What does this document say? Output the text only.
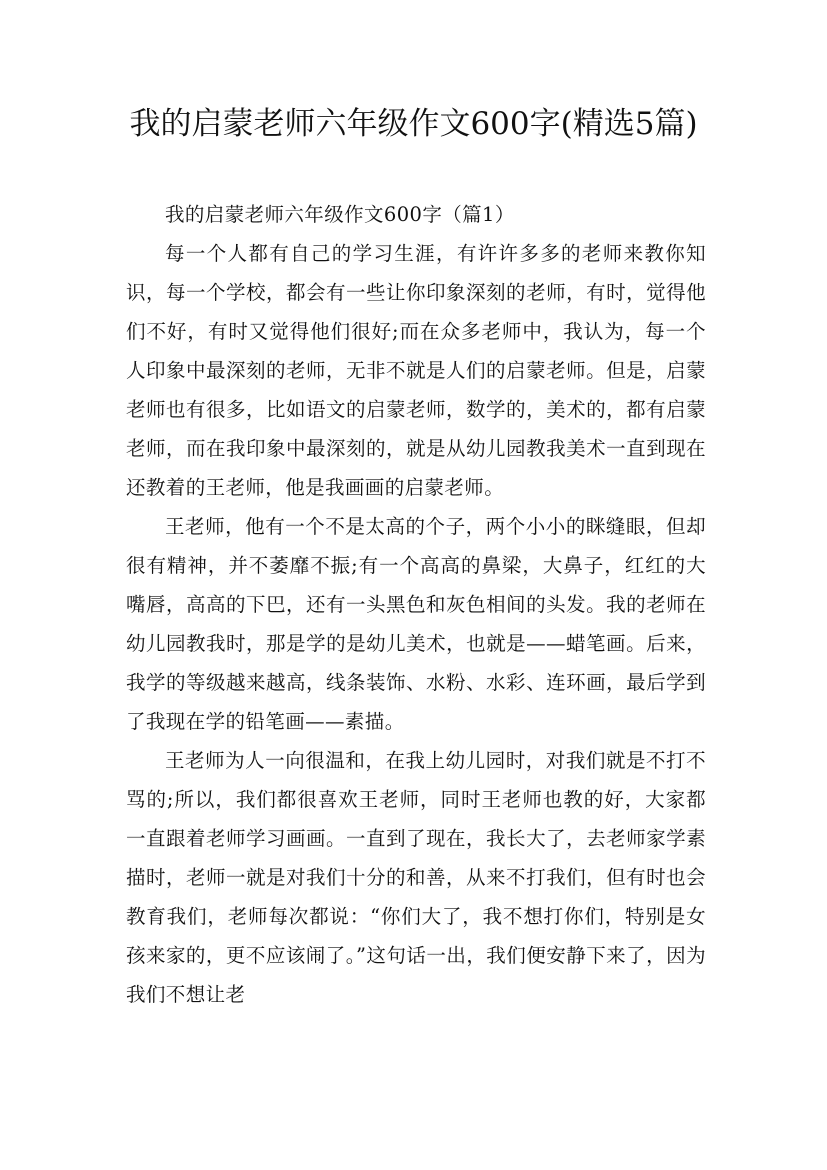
我的启蒙老师六年级作文600字(精选5篇)

我的启蒙老师六年级作文600字（篇1）

每一个人都有自己的学习生涯，有许许多多的老师来教你知识，每一个学校，都会有一些让你印象深刻的老师，有时，觉得他们不好，有时又觉得他们很好;而在众多老师中，我认为，每一个人印象中最深刻的老师，无非不就是人们的启蒙老师。但是，启蒙老师也有很多，比如语文的启蒙老师，数学的，美术的，都有启蒙老师，而在我印象中最深刻的，就是从幼儿园教我美术一直到现在还教着的王老师，他是我画画的启蒙老师。

王老师，他有一个不是太高的个子，两个小小的眯缝眼，但却很有精神，并不萎靡不振;有一个高高的鼻梁，大鼻子，红红的大嘴唇，高高的下巴，还有一头黑色和灰色相间的头发。我的老师在幼儿园教我时，那是学的是幼儿美术，也就是——蜡笔画。后来，我学的等级越来越高，线条装饰、水粉、水彩、连环画，最后学到了我现在学的铅笔画——素描。

王老师为人一向很温和，在我上幼儿园时，对我们就是不打不骂的;所以，我们都很喜欢王老师，同时王老师也教的好，大家都一直跟着老师学习画画。一直到了现在，我长大了，去老师家学素描时，老师一就是对我们十分的和善，从来不打我们，但有时也会教育我们，老师每次都说：“你们大了，我不想打你们，特别是女孩来家的，更不应该闹了。”这句话一出，我们便安静下来了，因为我们不想让老
